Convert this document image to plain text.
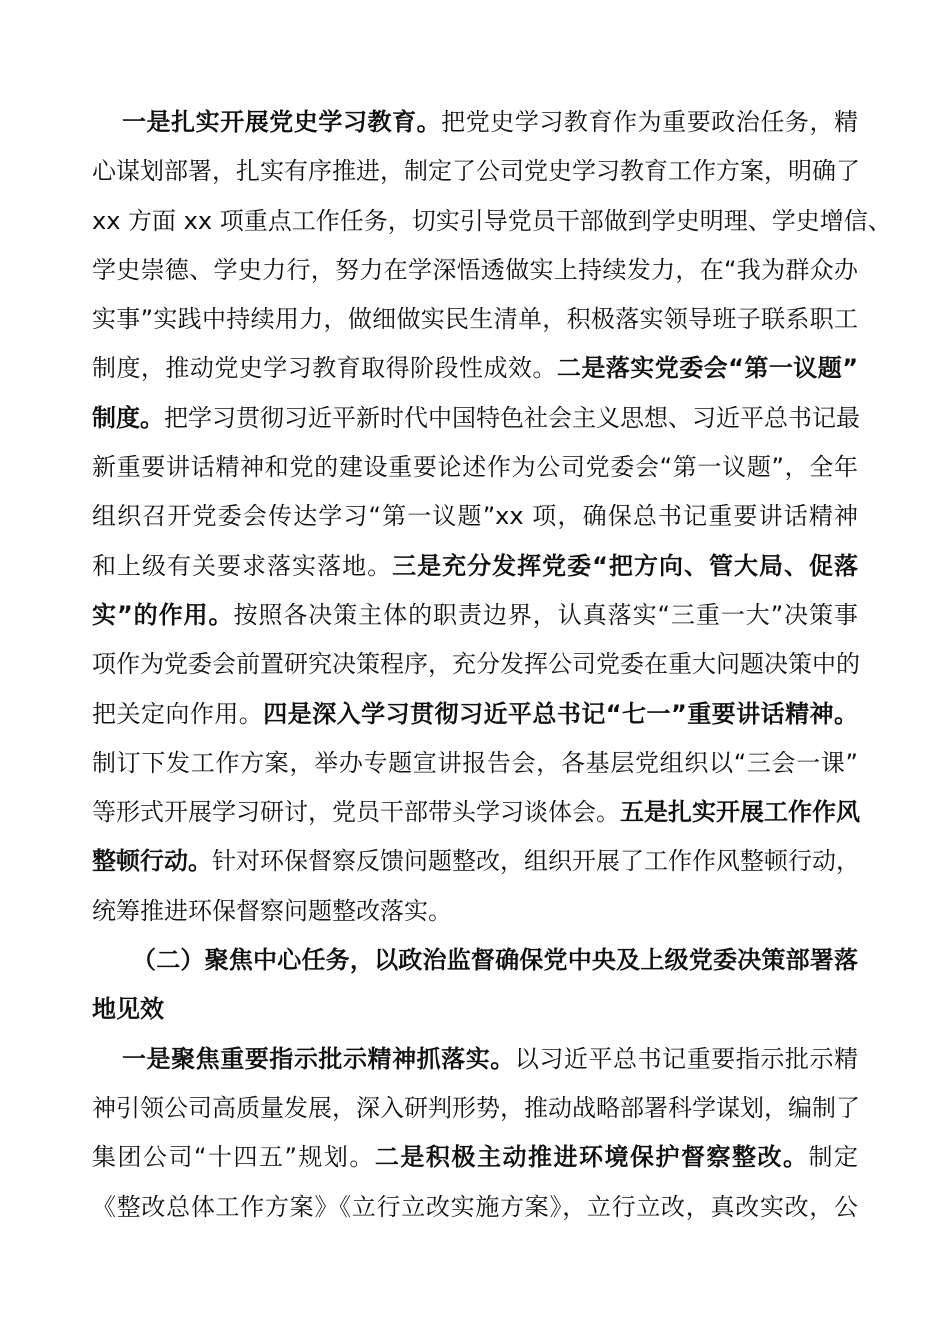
一是扎实开展党史学习教育。把党史学习教育作为重要政治任务，精
心谋划部署，扎实有序推进，制定了公司党史学习教育工作方案，明确了
xx 方面 xx 项重点工作任务，切实引导党员干部做到学史明理、学史增信、
学史崇德、学史力行，努力在学深悟透做实上持续发力，在“我为群众办
实事”实践中持续用力，做细做实民生清单，积极落实领导班子联系职工
制度，推动党史学习教育取得阶段性成效。二是落实党委会“第一议题”
制度。把学习贯彻习近平新时代中国特色社会主义思想、习近平总书记最
新重要讲话精神和党的建设重要论述作为公司党委会“第一议题”，全年
组织召开党委会传达学习“第一议题”xx 项，确保总书记重要讲话精神
和上级有关要求落实落地。三是充分发挥党委“把方向、管大局、促落
实”的作用。按照各决策主体的职责边界，认真落实“三重一大”决策事
项作为党委会前置研究决策程序，充分发挥公司党委在重大问题决策中的
把关定向作用。四是深入学习贯彻习近平总书记“七一”重要讲话精神。
制订下发工作方案，举办专题宣讲报告会，各基层党组织以“三会一课”
等形式开展学习研讨，党员干部带头学习谈体会。五是扎实开展工作作风
整顿行动。针对环保督察反馈问题整改，组织开展了工作作风整顿行动，
统筹推进环保督察问题整改落实。
（二）聚焦中心任务，以政治监督确保党中央及上级党委决策部署落
地见效
一是聚焦重要指示批示精神抓落实。以习近平总书记重要指示批示精
神引领公司高质量发展，深入研判形势，推动战略部署科学谋划，编制了
集团公司“十四五”规划。二是积极主动推进环境保护督察整改。制定
《整改总体工作方案》《立行立改实施方案》，立行立改，真改实改，公
